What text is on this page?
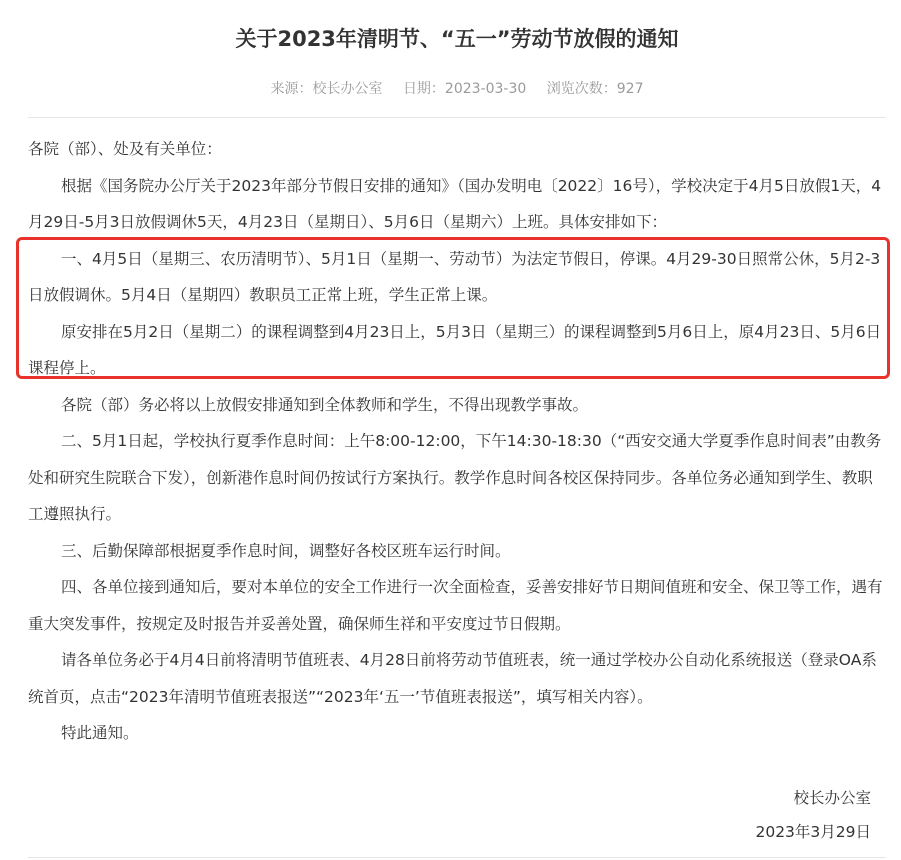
关于2023年清明节、“五一”劳动节放假的通知
来源：校长办公室 日期：2023-03-30 浏览次数：927

各院（部）、处及有关单位：

根据《国务院办公厅关于2023年部分节假日安排的通知》（国办发明电〔2022〕16号），学校决定于4月5日放假1天，4月29日-5月3日放假调休5天，4月23日（星期日）、5月6日（星期六）上班。具体安排如下：

一、4月5日（星期三、农历清明节）、5月1日（星期一、劳动节）为法定节假日，停课。4月29-30日照常公休，5月2-3日放假调休。5月4日（星期四）教职员工正常上班，学生正常上课。

原安排在5月2日（星期二）的课程调整到4月23日上，5月3日（星期三）的课程调整到5月6日上，原4月23日、5月6日课程停上。

各院（部）务必将以上放假安排通知到全体教师和学生，不得出现教学事故。

二、5月1日起，学校执行夏季作息时间：上午8:00-12:00，下午14:30-18:30（“西安交通大学夏季作息时间表”由教务处和研究生院联合下发），创新港作息时间仍按试行方案执行。教学作息时间各校区保持同步。各单位务必通知到学生、教职工遵照执行。

三、后勤保障部根据夏季作息时间，调整好各校区班车运行时间。

四、各单位接到通知后，要对本单位的安全工作进行一次全面检查，妥善安排好节日期间值班和安全、保卫等工作，遇有重大突发事件，按规定及时报告并妥善处置，确保师生祥和平安度过节日假期。

请各单位务必于4月4日前将清明节值班表、4月28日前将劳动节值班表，统一通过学校办公自动化系统报送（登录OA系统首页，点击“2023年清明节值班表报送”“2023年‘五一’节值班表报送”，填写相关内容）。

特此通知。

校长办公室
2023年3月29日
